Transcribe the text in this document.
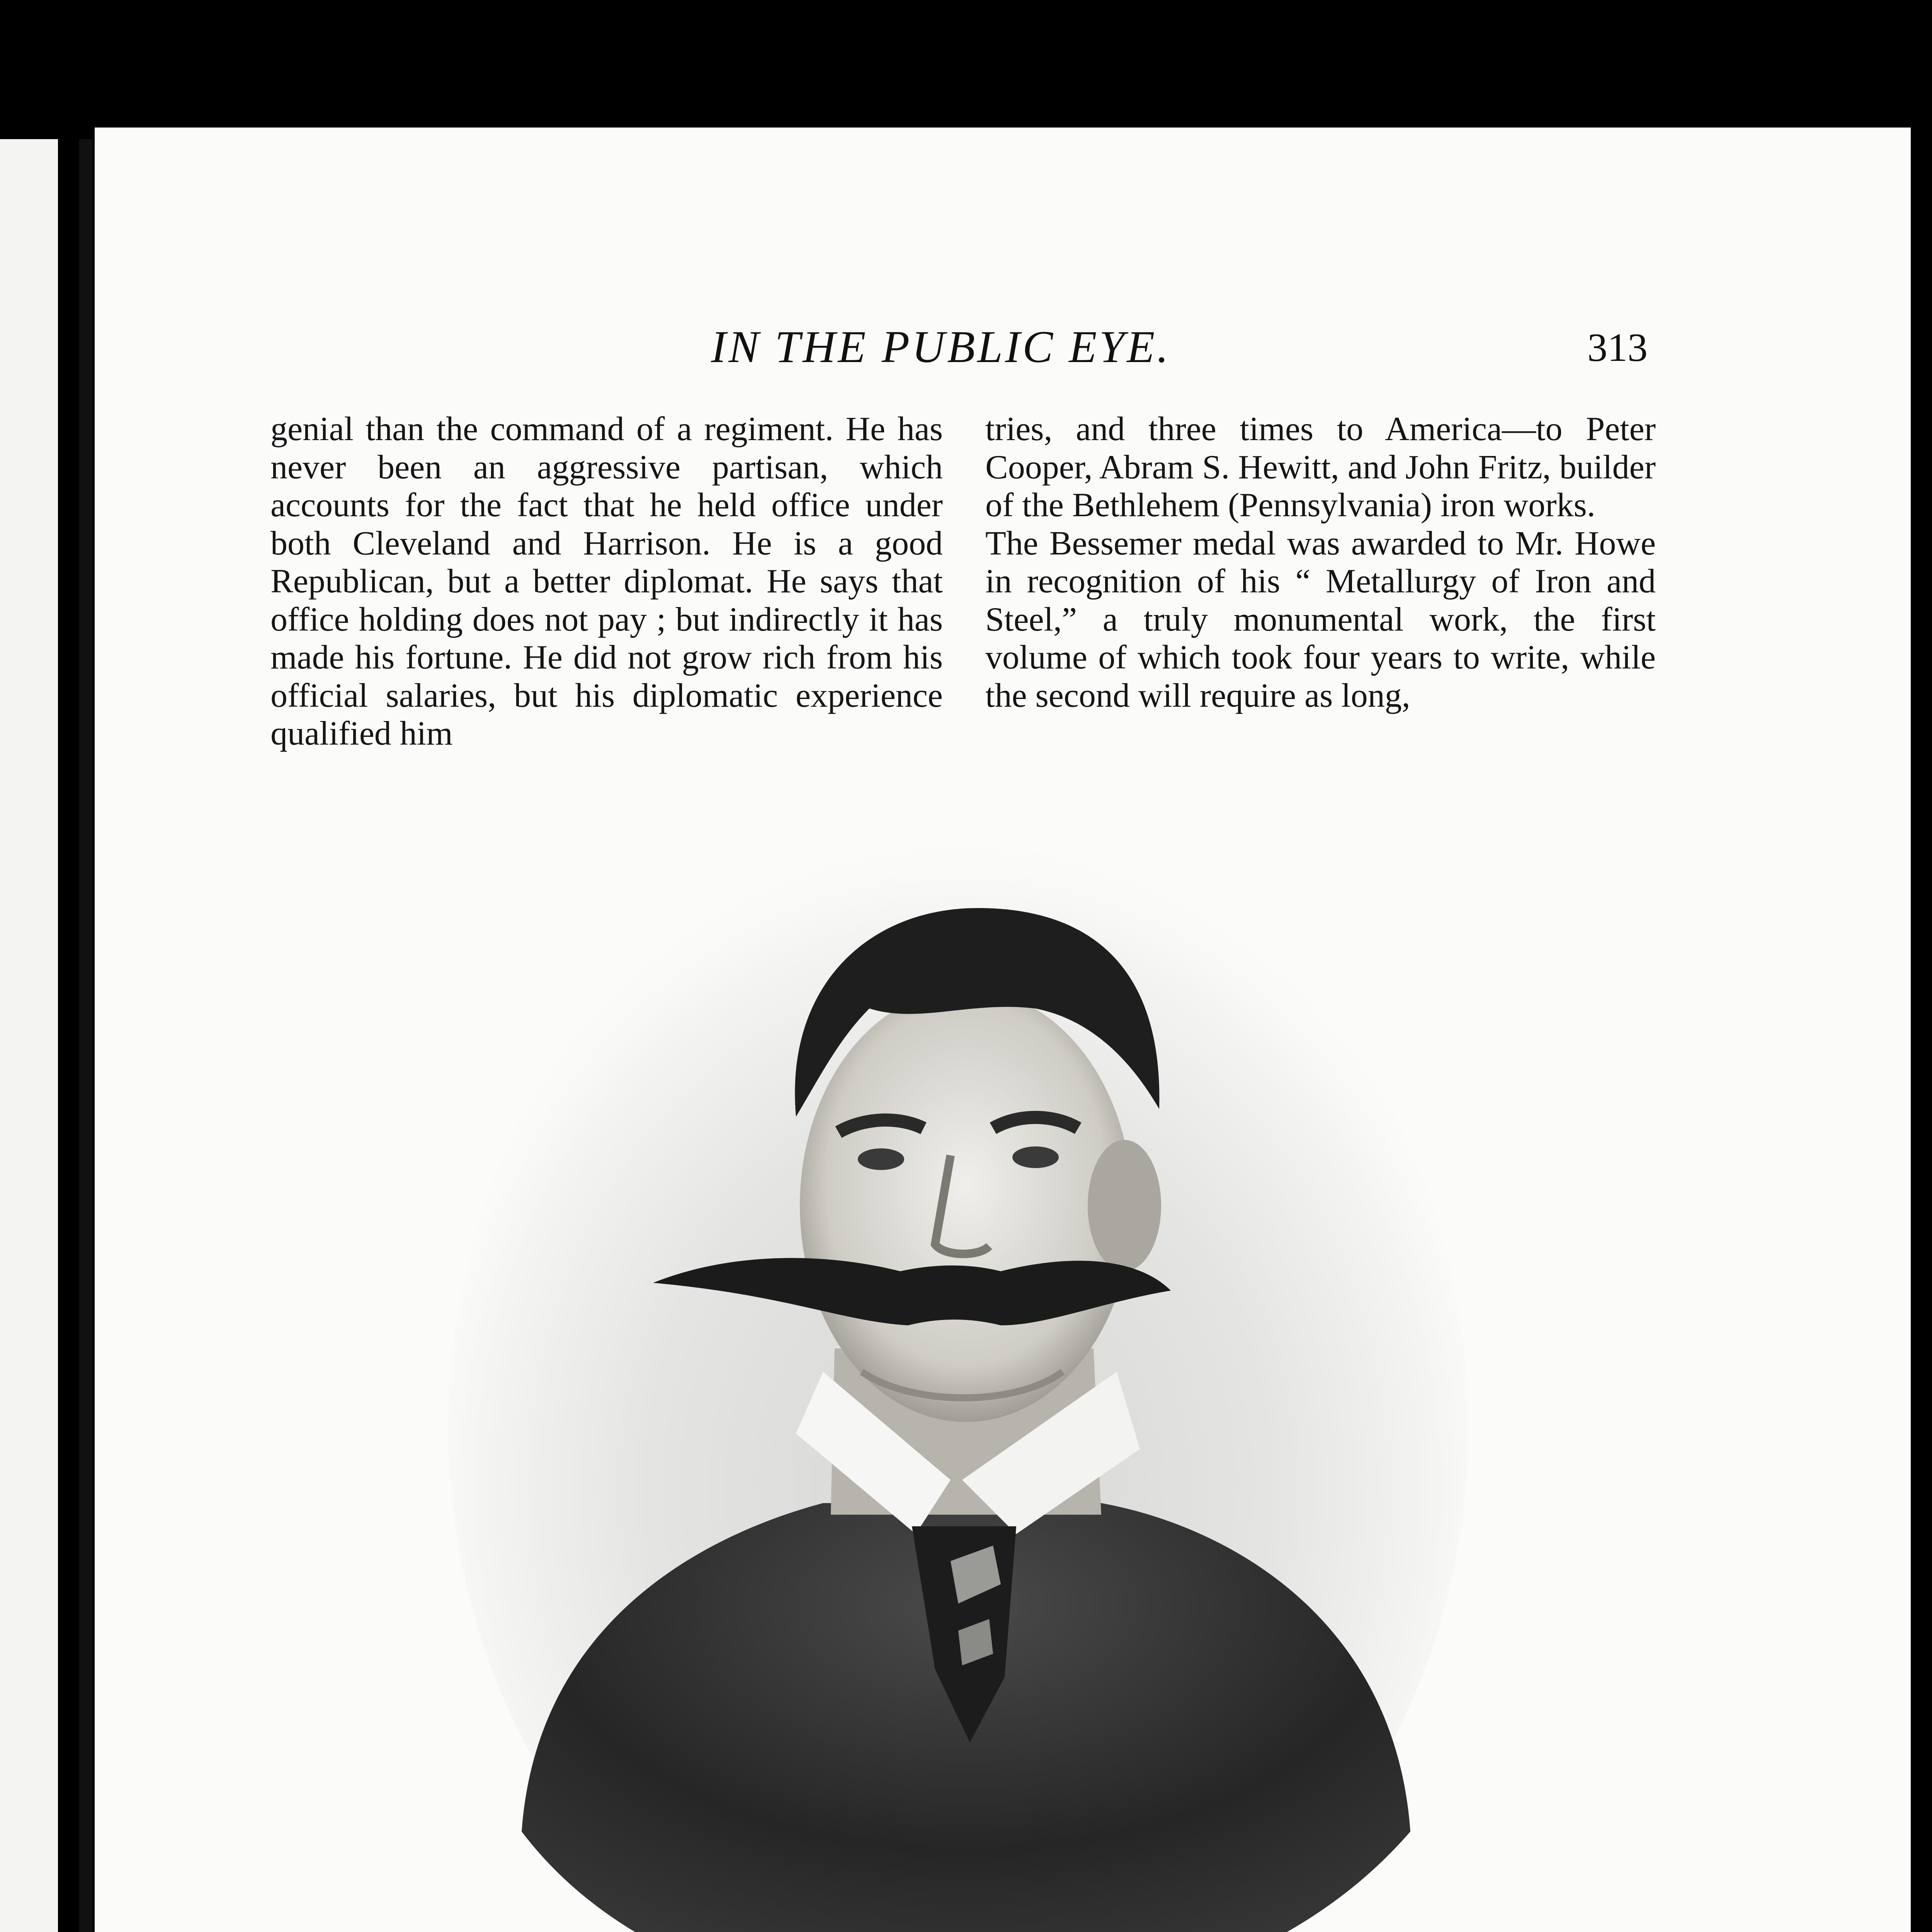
IN THE PUBLIC EYE.	313

genial than the command of a regiment. He has never been an aggressive partisan, which accounts for the fact that he held office under both Cleveland and Harrison. He is a good Republican, but a better diplomat. He says that office holding does not pay ; but indirectly it has made his fortune. He did not grow rich from his official salaries, but his diplomatic experience qualified him

tries, and three times to America—to Peter Cooper, Abram S. Hewitt, and John Fritz, builder of the Bethlehem (Pennsylvania) iron works.

The Bessemer medal was awarded to Mr. Howe in recognition of his “ Metallurgy of Iron and Steel,” a truly monumental work, the first volume of which took four years to write, while the second will require as long,
